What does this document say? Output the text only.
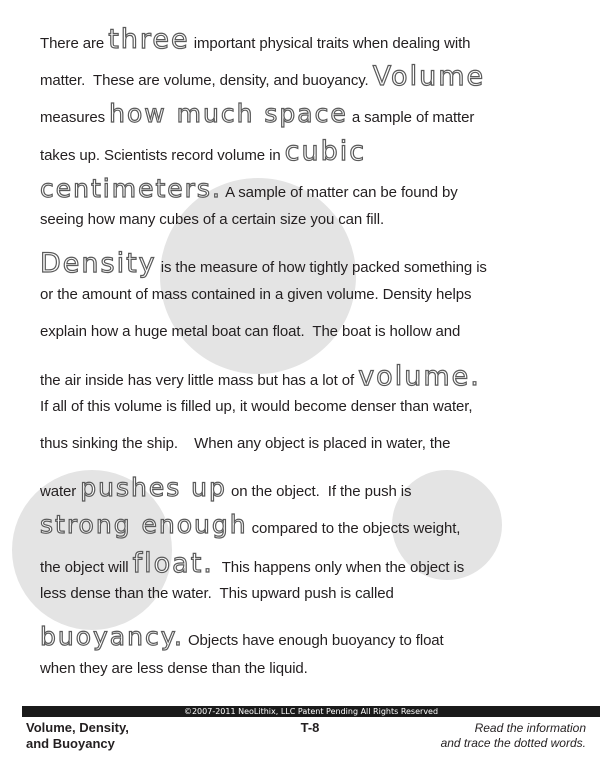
There are three important physical traits when dealing with
matter.  These are volume, density, and buoyancy. Volume
measures how much space a sample of matter
takes up. Scientists record volume in cubic
centimeters. A sample of matter can be found by
seeing how many cubes of a certain size you can fill.
Density is the measure of how tightly packed something is
or the amount of mass contained in a given volume. Density helps
explain how a huge metal boat can float.  The boat is hollow and
the air inside has very little mass but has a lot of volume.
If all of this volume is filled up, it would become denser than water,
thus sinking the ship.    When any object is placed in water, the
water pushes up on the object.  If the push is
strong enough compared to the objects weight,
the object will float. This happens only when the object is
less dense than the water.  This upward push is called
buoyancy. Objects have enough buoyancy to float
when they are less dense than the liquid.
©2007-2011 NeoLithix, LLC Patent Pending All Rights Reserved
Volume, Density,
and Buoyancy
T-8	Read the information
and trace the dotted words.
